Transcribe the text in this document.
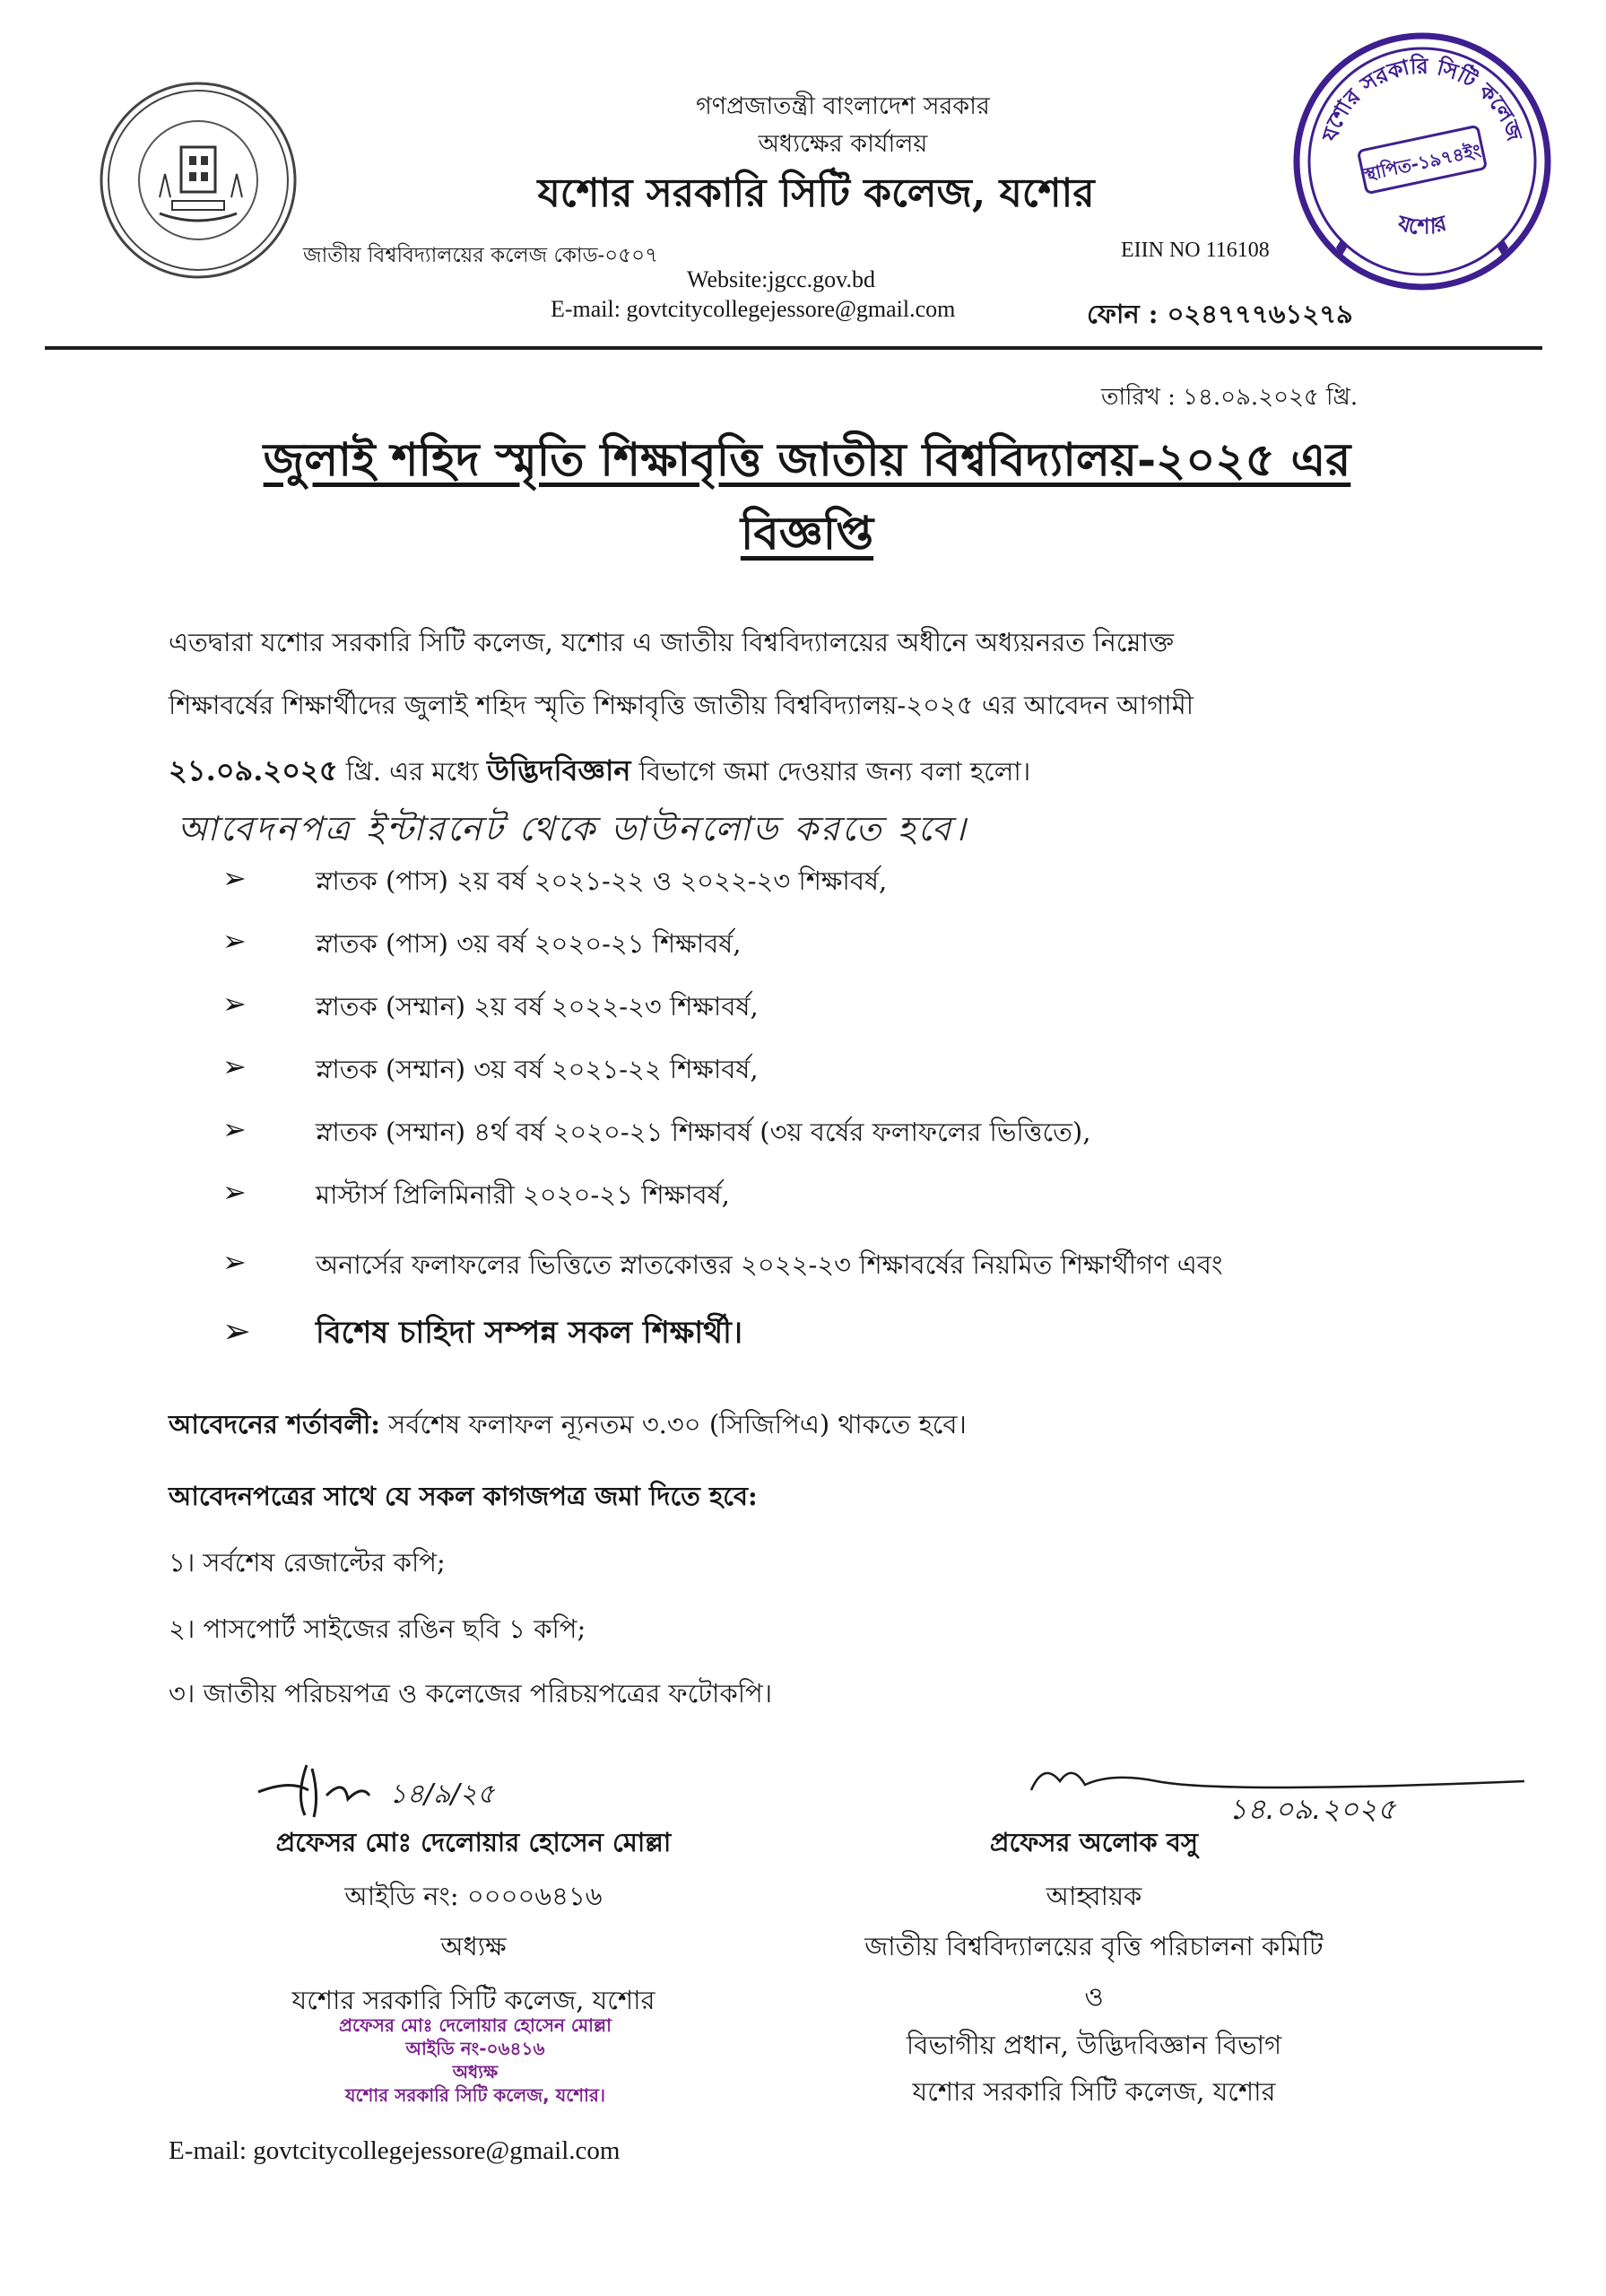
গণপ্রজাতন্ত্রী বাংলাদেশ সরকার
অধ্যক্ষের কার্যালয়
যশোর সরকারি সিটি কলেজ, যশোর
জাতীয় বিশ্ববিদ্যালয়ের কলেজ কোড-০৫০৭	EIIN NO 116108
Website:jgcc.gov.bd
E-mail: govtcitycollegejessore@gmail.com	ফোন : ০২৪৭৭৭৬১২৭৯
যশোর সরকারি সিটি কলেজ
স্থাপিত-১৯৭৪ইং
যশোর
তারিখ : ১৪.০৯.২০২৫ খ্রি.
জুলাই শহিদ স্মৃতি শিক্ষাবৃত্তি জাতীয় বিশ্ববিদ্যালয়-২০২৫ এর
বিজ্ঞপ্তি
এতদ্বারা যশোর সরকারি সিটি কলেজ, যশোর এ জাতীয় বিশ্ববিদ্যালয়ের অধীনে অধ্যয়নরত নিম্নোক্ত
শিক্ষাবর্ষের শিক্ষার্থীদের জুলাই শহিদ স্মৃতি শিক্ষাবৃত্তি জাতীয় বিশ্ববিদ্যালয়-২০২৫ এর আবেদন আগামী
২১.০৯.২০২৫ খ্রি. এর মধ্যে উদ্ভিদবিজ্ঞান বিভাগে জমা দেওয়ার জন্য বলা হলো।
আবেদনপত্র ইন্টারনেট থেকে ডাউনলোড করতে হবে।
➢	স্নাতক (পাস) ২য় বর্ষ ২০২১-২২ ও ২০২২-২৩ শিক্ষাবর্ষ,
➢	স্নাতক (পাস) ৩য় বর্ষ ২০২০-২১ শিক্ষাবর্ষ,
➢	স্নাতক (সম্মান) ২য় বর্ষ ২০২২-২৩ শিক্ষাবর্ষ,
➢	স্নাতক (সম্মান) ৩য় বর্ষ ২০২১-২২ শিক্ষাবর্ষ,
➢	স্নাতক (সম্মান) ৪র্থ বর্ষ ২০২০-২১ শিক্ষাবর্ষ (৩য় বর্ষের ফলাফলের ভিত্তিতে),
➢	মাস্টার্স প্রিলিমিনারী ২০২০-২১ শিক্ষাবর্ষ,
➢	অনার্সের ফলাফলের ভিত্তিতে স্নাতকোত্তর ২০২২-২৩ শিক্ষাবর্ষের নিয়মিত শিক্ষার্থীগণ এবং
➢ বিশেষ চাহিদা সম্পন্ন সকল শিক্ষার্থী।
আবেদনের শর্তাবলী: সর্বশেষ ফলাফল ন্যূনতম ৩.৩০ (সিজিপিএ) থাকতে হবে।
আবেদনপত্রের সাথে যে সকল কাগজপত্র জমা দিতে হবে:
১। সর্বশেষ রেজাল্টের কপি;
২। পাসপোর্ট সাইজের রঙিন ছবি ১ কপি;
৩। জাতীয় পরিচয়পত্র ও কলেজের পরিচয়পত্রের ফটোকপি।
১৪/৯/২৫
প্রফেসর মোঃ দেলোয়ার হোসেন মোল্লা
আইডি নং: ০০০০৬৪১৬
অধ্যক্ষ
যশোর সরকারি সিটি কলেজ, যশোর
প্রফেসর মোঃ দেলোয়ার হোসেন মোল্লা
আইডি নং-০৬৪১৬
অধ্যক্ষ
যশোর সরকারি সিটি কলেজ, যশোর।
১৪.০৯.২০২৫
প্রফেসর অলোক বসু
আহ্বায়ক
জাতীয় বিশ্ববিদ্যালয়ের বৃত্তি পরিচালনা কমিটি
ও
বিভাগীয় প্রধান, উদ্ভিদবিজ্ঞান বিভাগ
যশোর সরকারি সিটি কলেজ, যশোর
E-mail: govtcitycollegejessore@gmail.com
